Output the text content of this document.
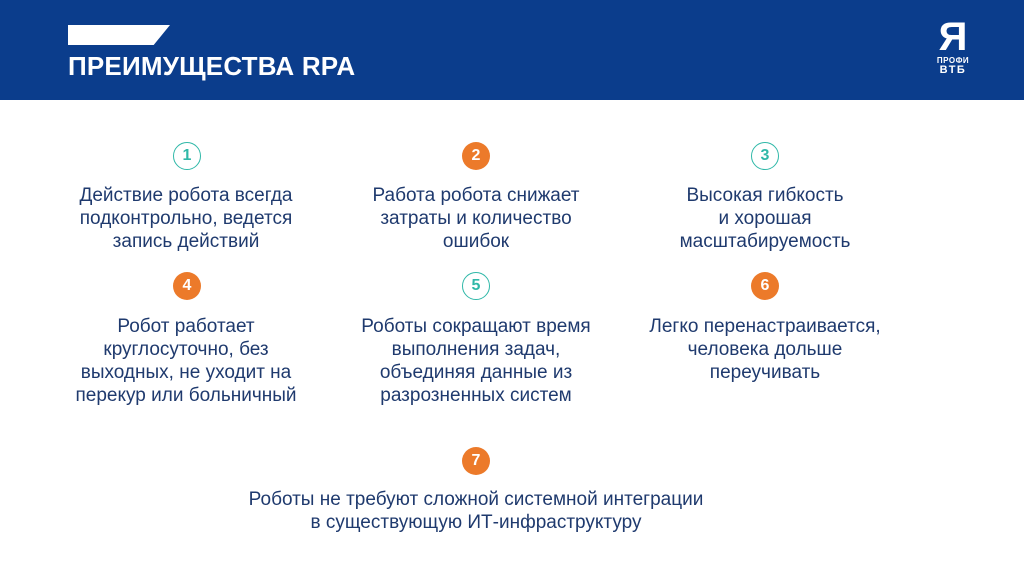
ПРЕИМУЩЕСТВА RPA
Я
ПРОФИ
ВТБ
1
Действие робота всегда
подконтрольно, ведется
запись действий
2
Работа робота снижает
затраты и количество
ошибок
3
Высокая гибкость
и хорошая
масштабируемость
4
Робот работает
круглосуточно, без
выходных, не уходит на
перекур или больничный
5
Роботы сокращают время
выполнения задач,
объединяя данные из
разрозненных систем
6
Легко перенастраивается,
человека дольше
переучивать
7
Роботы не требуют сложной системной интеграции
в существующую ИТ-инфраструктуру
